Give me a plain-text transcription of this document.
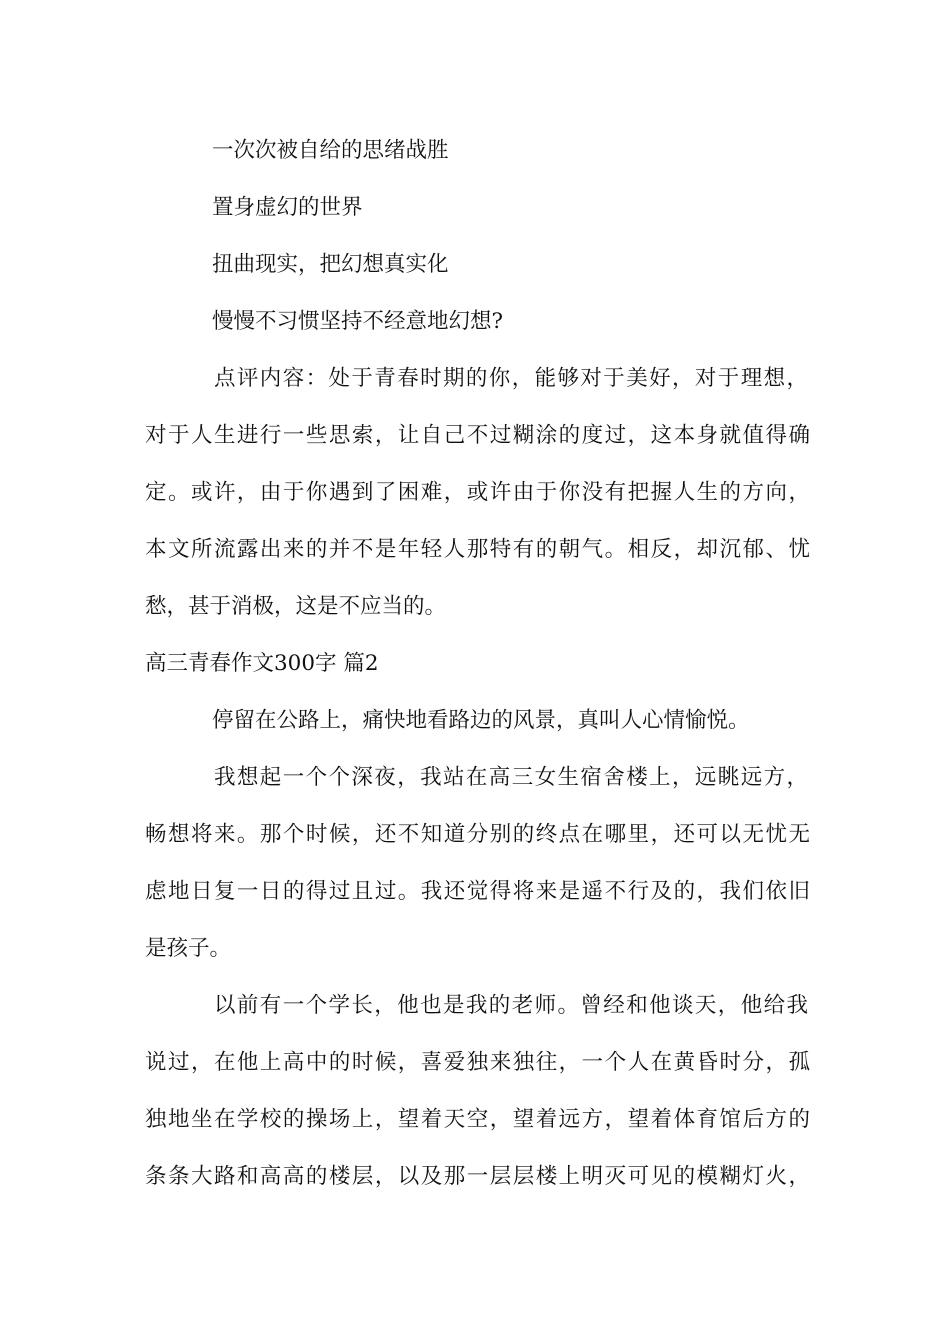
一次次被自给的思绪战胜
置身虚幻的世界
扭曲现实，把幻想真实化
慢慢不习惯坚持不经意地幻想?
点评内容：处于青春时期的你，能够对于美好，对于理想，
对于人生进行一些思索，让自己不过糊涂的度过，这本身就值得确
定。或许，由于你遇到了困难，或许由于你没有把握人生的方向，
本文所流露出来的并不是年轻人那特有的朝气。相反，却沉郁、忧
愁，甚于消极，这是不应当的。
高三青春作文300字 篇2
停留在公路上，痛快地看路边的风景，真叫人心情愉悦。
我想起一个个深夜，我站在高三女生宿舍楼上，远眺远方，
畅想将来。那个时候，还不知道分别的终点在哪里，还可以无忧无
虑地日复一日的得过且过。我还觉得将来是遥不行及的，我们依旧
是孩子。
以前有一个学长，他也是我的老师。曾经和他谈天，他给我
说过，在他上高中的时候，喜爱独来独往，一个人在黄昏时分，孤
独地坐在学校的操场上，望着天空，望着远方，望着体育馆后方的
条条大路和高高的楼层，以及那一层层楼上明灭可见的模糊灯火，
